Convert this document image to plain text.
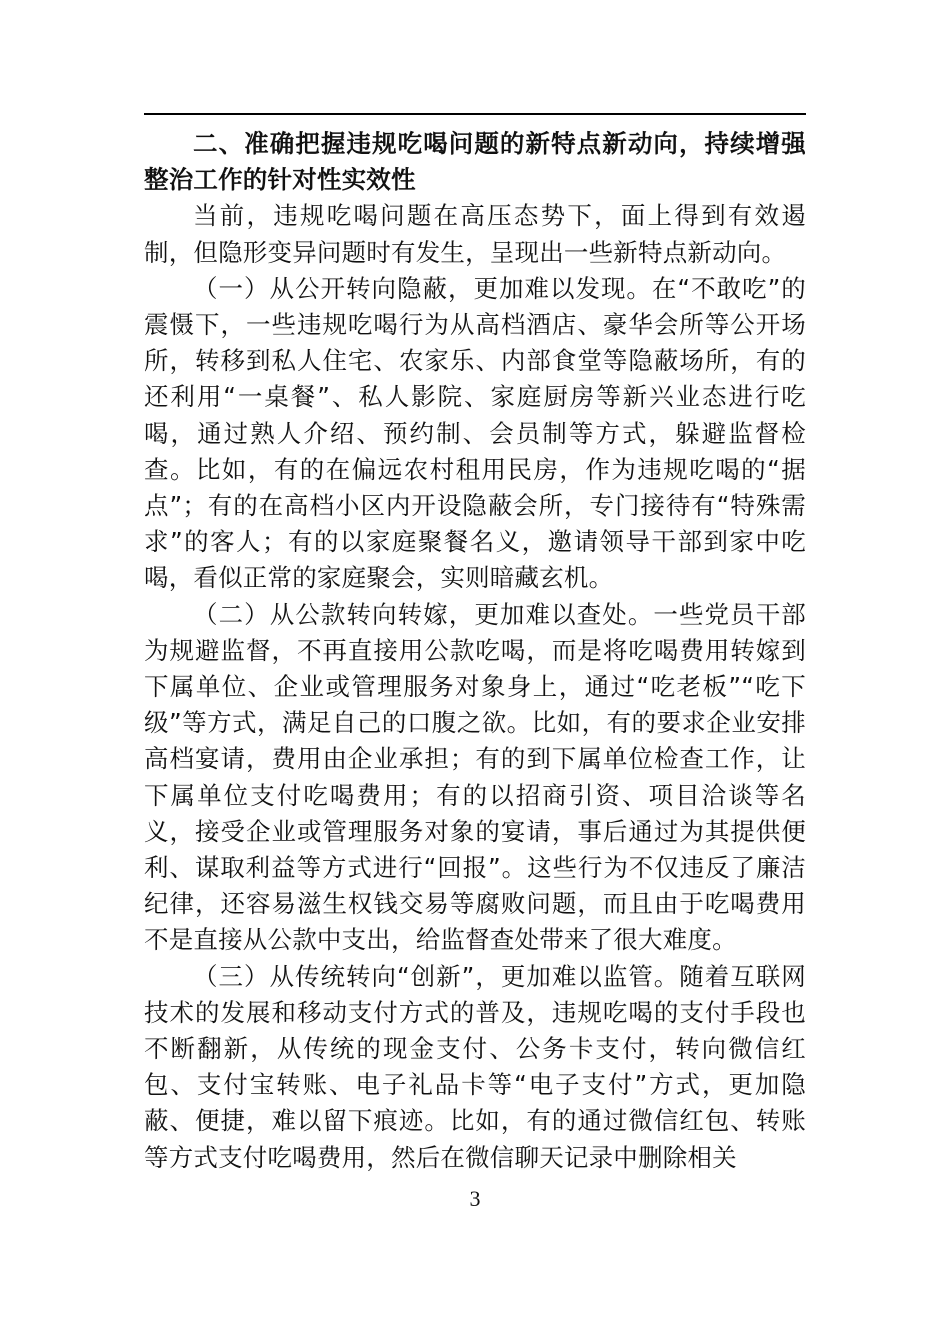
二、准确把握违规吃喝问题的新特点新动向，持续增强整治工作的针对性实效性

当前，违规吃喝问题在高压态势下，面上得到有效遏制，但隐形变异问题时有发生，呈现出一些新特点新动向。

（一）从公开转向隐蔽，更加难以发现。在“不敢吃”的震慑下，一些违规吃喝行为从高档酒店、豪华会所等公开场所，转移到私人住宅、农家乐、内部食堂等隐蔽场所，有的还利用“一桌餐”、私人影院、家庭厨房等新兴业态进行吃喝，通过熟人介绍、预约制、会员制等方式，躲避监督检查。比如，有的在偏远农村租用民房，作为违规吃喝的“据点”；有的在高档小区内开设隐蔽会所，专门接待有“特殊需求”的客人；有的以家庭聚餐名义，邀请领导干部到家中吃喝，看似正常的家庭聚会，实则暗藏玄机。

（二）从公款转向转嫁，更加难以查处。一些党员干部为规避监督，不再直接用公款吃喝，而是将吃喝费用转嫁到下属单位、企业或管理服务对象身上，通过“吃老板”“吃下级”等方式，满足自己的口腹之欲。比如，有的要求企业安排高档宴请，费用由企业承担；有的到下属单位检查工作，让下属单位支付吃喝费用；有的以招商引资、项目洽谈等名义，接受企业或管理服务对象的宴请，事后通过为其提供便利、谋取利益等方式进行“回报”。这些行为不仅违反了廉洁纪律，还容易滋生权钱交易等腐败问题，而且由于吃喝费用不是直接从公款中支出，给监督查处带来了很大难度。

（三）从传统转向“创新”，更加难以监管。随着互联网技术的发展和移动支付方式的普及，违规吃喝的支付手段也不断翻新，从传统的现金支付、公务卡支付，转向微信红包、支付宝转账、电子礼品卡等“电子支付”方式，更加隐蔽、便捷，难以留下痕迹。比如，有的通过微信红包、转账等方式支付吃喝费用，然后在微信聊天记录中删除相关

3
